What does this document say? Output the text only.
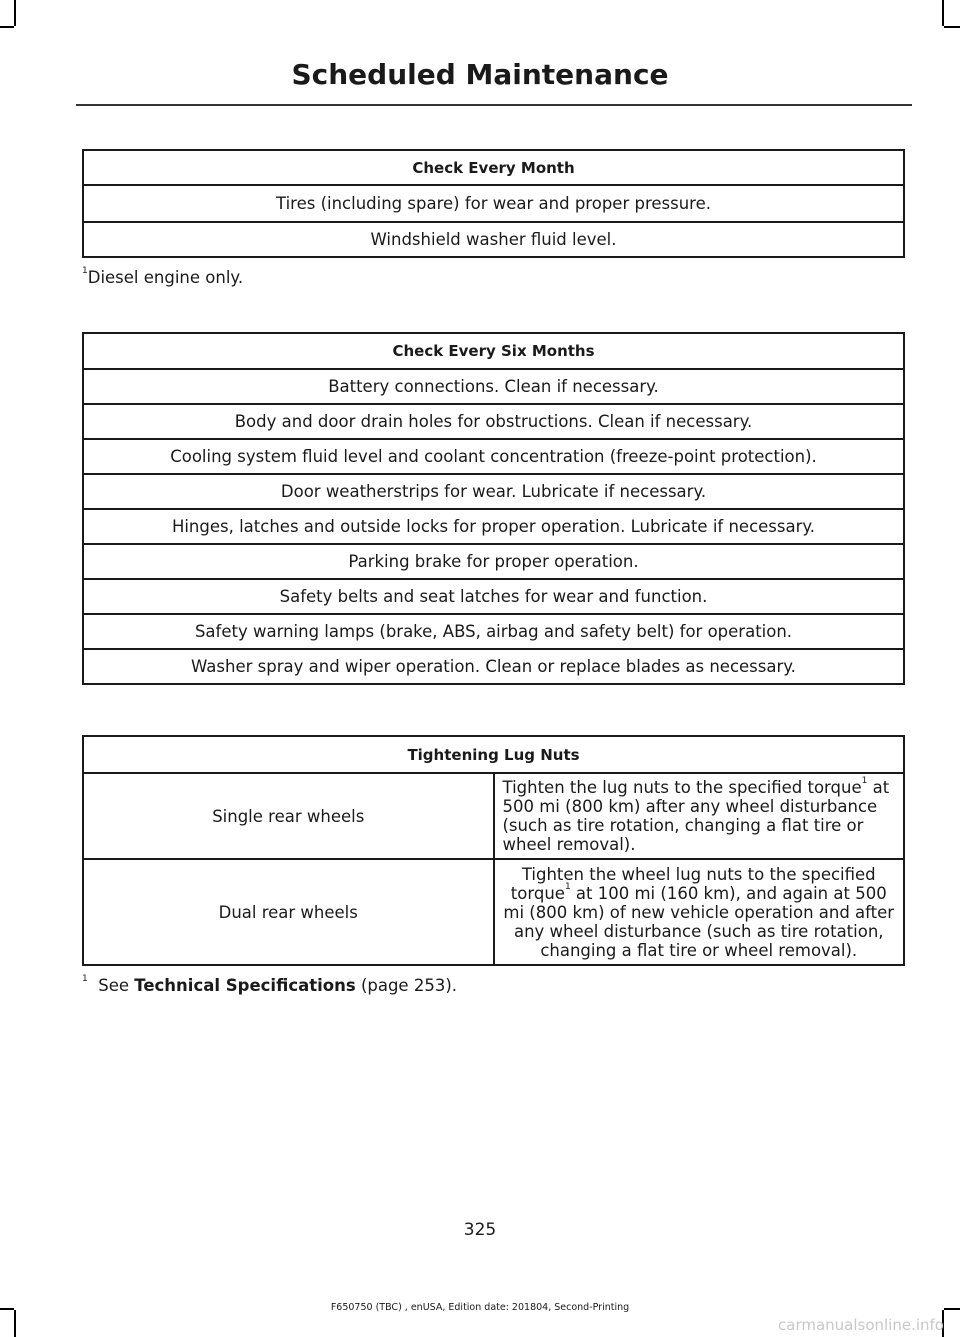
Scheduled Maintenance
Check Every Month
Tires (including spare) for wear and proper pressure.
Windshield washer fluid level.
$^1$Diesel engine only.
Check Every Six Months
Battery connections. Clean if necessary.
Body and door drain holes for obstructions. Clean if necessary.
Cooling system fluid level and coolant concentration (freeze-point protection).
Door weatherstrips for wear. Lubricate if necessary.
Hinges, latches and outside locks for proper operation. Lubricate if necessary.
Parking brake for proper operation.
Safety belts and seat latches for wear and function.
Safety warning lamps (brake, ABS, airbag and safety belt) for operation.
Washer spray and wiper operation. Clean or replace blades as necessary.
Tightening Lug Nuts	
Single rear wheels	Tighten the lug nuts to the specified torque$^1$ at 500 mi (800 km) after any wheel disturbance (such as tire rotation, changing a flat tire or wheel removal).
Dual rear wheels	Tighten the wheel lug nuts to the specified torque$^1$ at 100 mi (160 km), and again at 500 mi (800 km) of new vehicle operation and after any wheel disturbance (such as tire rotation, changing a flat tire or wheel removal).
$^1$ See Technical Specifications (page 253).
325
F650750 (TBC) , enUSA, Edition date: 201804, Second-Printing
carmanualsonline.info
